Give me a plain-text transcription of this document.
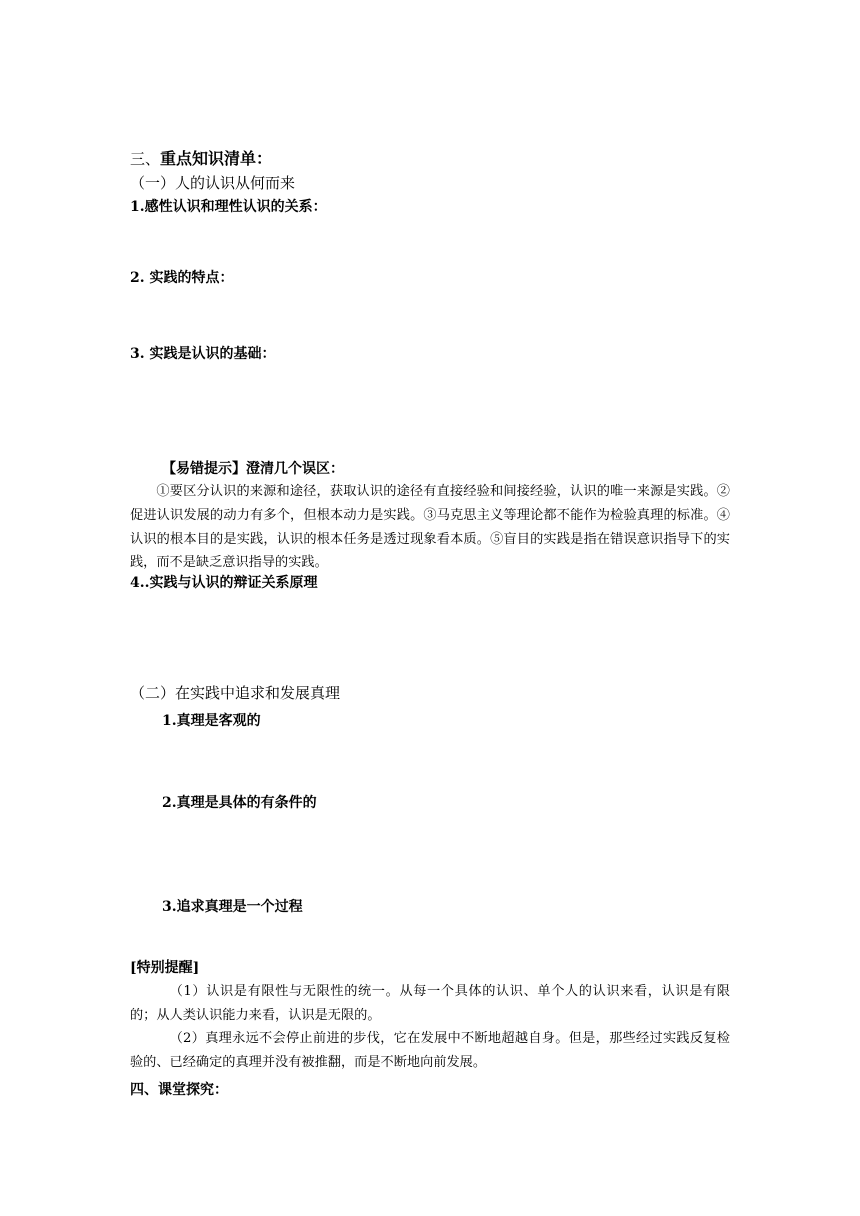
三、重点知识清单：
（一）人的认识从何而来
1.感性认识和理性认识的关系：
2. 实践的特点：
3. 实践是认识的基础：
【易错提示】澄清几个误区：
①要区分认识的来源和途径，获取认识的途径有直接经验和间接经验，认识的唯一来源是实践。②促进认识发展的动力有多个，但根本动力是实践。③马克思主义等理论都不能作为检验真理的标准。④认识的根本目的是实践，认识的根本任务是透过现象看本质。⑤盲目的实践是指在错误意识指导下的实践，而不是缺乏意识指导的实践。
4..实践与认识的辩证关系原理
（二）在实践中追求和发展真理
1.真理是客观的
2.真理是具体的有条件的
3.追求真理是一个过程
[特别提醒]
（1）认识是有限性与无限性的统一。从每一个具体的认识、单个人的认识来看，认识是有限的；从人类认识能力来看，认识是无限的。
（2）真理永远不会停止前进的步伐，它在发展中不断地超越自身。但是，那些经过实践反复检验的、已经确定的真理并没有被推翻，而是不断地向前发展。
四、课堂探究：
